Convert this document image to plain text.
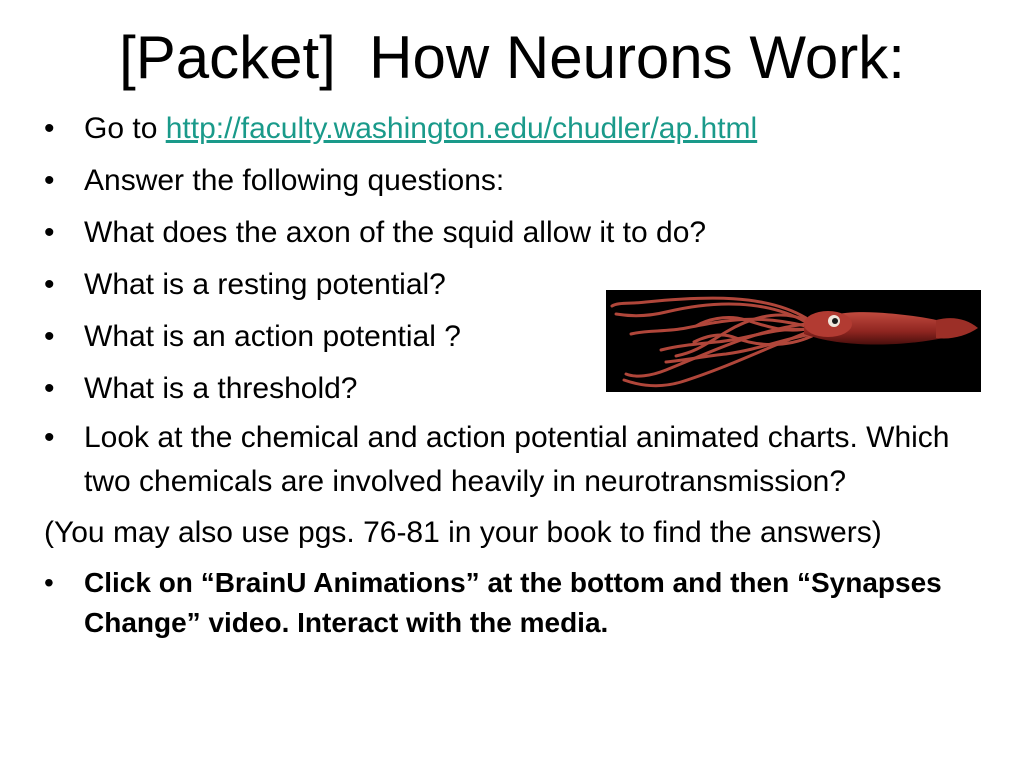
[Packet]  How Neurons Work:
• Go to http://faculty.washington.edu/chudler/ap.html
• Answer the following questions:
• What does the axon of the squid allow it to do?
• What is a resting potential?
• What is an action potential ?
• What is a threshold?
• Look at the chemical and action potential animated charts. Which two chemicals are involved heavily in neurotransmission?
(You may also use pgs. 76-81 in your book to find the answers)
• Click on “BrainU Animations” at the bottom and then “Synapses Change” video. Interact with the media.
